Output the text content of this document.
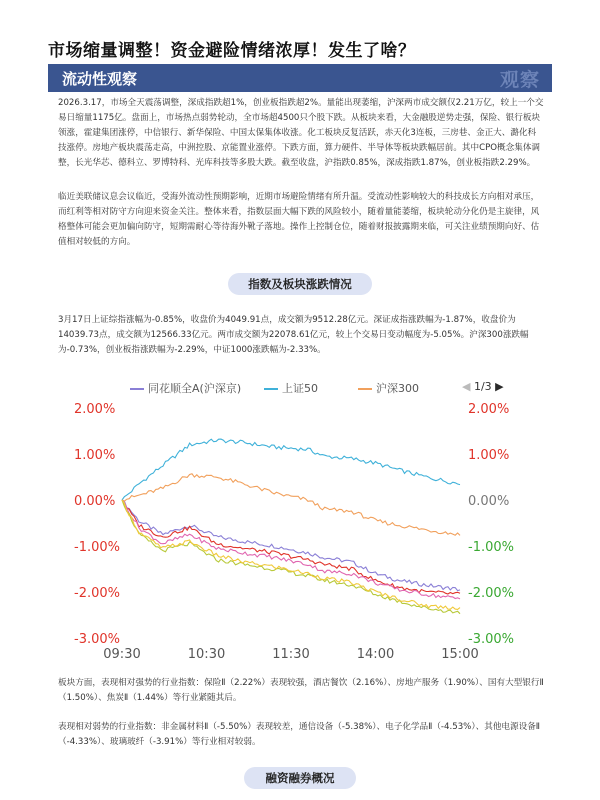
市场缩量调整！资金避险情绪浓厚！发生了啥？
流动性观察	观察

2026.3.17，市场全天震荡调整，深成指跌超1%，创业板指跌超2%。量能出现萎缩，沪深两市成交额仅2.21万亿，较上一个交易日缩量1175亿。盘面上，市场热点弱势轮动，全市场超4500只个股下跌。从板块来看，大金融股逆势走强，保险、银行板块领涨，霍建集团涨停，中信银行、新华保险、中国太保集体收涨。化工板块反复活跃，赤天化3连板，三房巷、金正大、潞化科技涨停。房地产板块震荡走高，中洲控股、京能置业涨停。下跌方面，算力硬件、半导体等板块跌幅居前。其中CPO概念集体调整，长光华芯、德科立、罗博特科、光库科技等多股大跌。截至收盘，沪指跌0.85%，深成指跌1.87%，创业板指跌2.29%。

临近美联储议息会议临近，受海外流动性预期影响，近期市场避险情绪有所升温。受流动性影响较大的科技成长方向相对承压，而红利等相对防守方向迎来资金关注。整体来看，指数层面大幅下跌的风险较小，随着量能萎缩，板块轮动分化仍是主旋律，风格整体可能会更加偏向防守，短期需耐心等待海外靴子落地。操作上控制仓位，随着财报披露期来临，可关注业绩预期向好、估值相对较低的方向。

指数及板块涨跌情况

3月17日上证综指涨幅为-0.85%，收盘价为4049.91点，成交额为9512.28亿元。深证成指涨跌幅为-1.87%，收盘价为14039.73点，成交额为12566.33亿元。两市成交额为22078.61亿元，较上个交易日变动幅度为-5.05%。沪深300涨跌幅为-0.73%，创业板指涨跌幅为-2.29%，中证1000涨跌幅为-2.33%。

同花顺全A(沪深京)	上证50	沪深300	◀ 1/3 ▶
2.00%	2.00%
1.00%	1.00%
0.00%	0.00%
-1.00%	-1.00%
-2.00%	-2.00%
-3.00%	-3.00%
09:30	10:30	11:30	14:00	15:00

板块方面，表现相对强势的行业指数：保险Ⅱ（2.22%）表现较强，酒店餐饮（2.16%）、房地产服务（1.90%）、国有大型银行Ⅱ（1.50%）、焦炭Ⅱ（1.44%）等行业紧随其后。

表现相对弱势的行业指数：非金属材料Ⅱ（-5.50%）表现较差，通信设备（-5.38%）、电子化学品Ⅱ（-4.53%）、其他电源设备Ⅱ（-4.33%）、玻璃玻纤（-3.91%）等行业相对较弱。

融资融券概况
